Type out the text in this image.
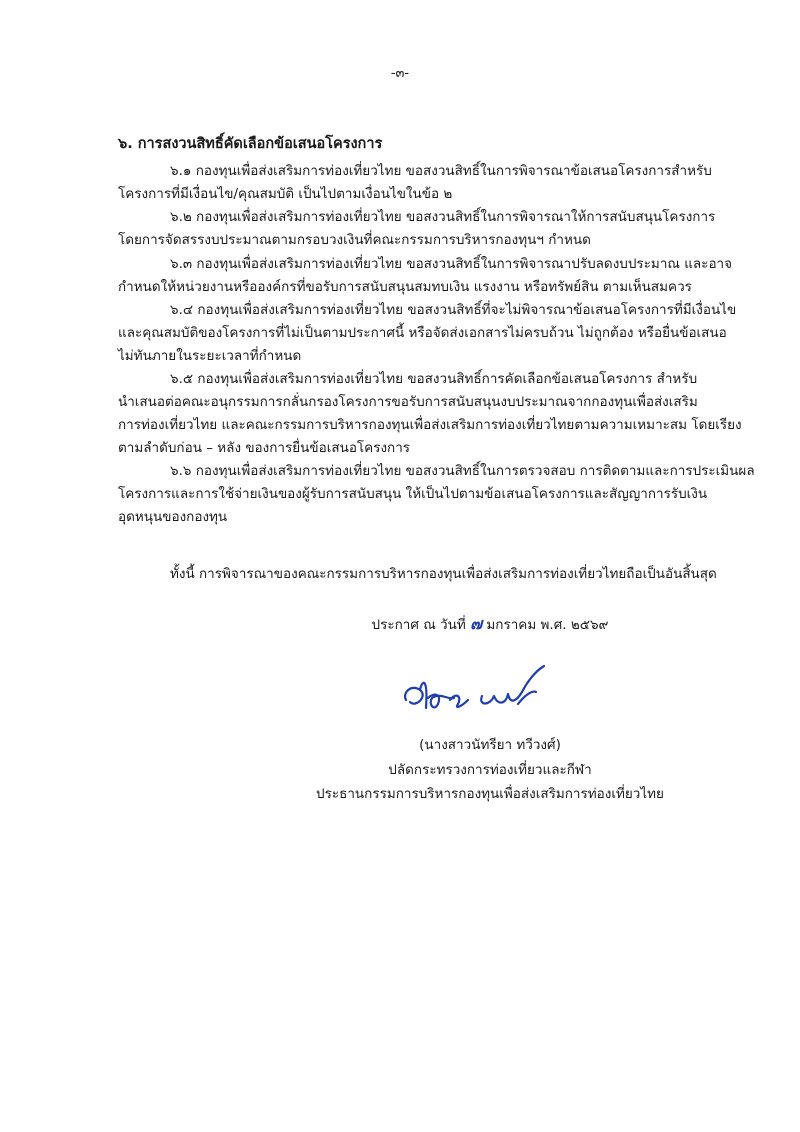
-๓-

๖. การสงวนสิทธิ์คัดเลือกข้อเสนอโครงการ

๖.๑ กองทุนเพื่อส่งเสริมการท่องเที่ยวไทย ขอสงวนสิทธิ์ในการพิจารณาข้อเสนอโครงการสำหรับ

โครงการที่มีเงื่อนไข/คุณสมบัติ เป็นไปตามเงื่อนไขในข้อ ๒

๖.๒ กองทุนเพื่อส่งเสริมการท่องเที่ยวไทย ขอสงวนสิทธิ์ในการพิจารณาให้การสนับสนุนโครงการ

โดยการจัดสรรงบประมาณตามกรอบวงเงินที่คณะกรรมการบริหารกองทุนฯ กำหนด

๖.๓ กองทุนเพื่อส่งเสริมการท่องเที่ยวไทย ขอสงวนสิทธิ์ในการพิจารณาปรับลดงบประมาณ และอาจ

กำหนดให้หน่วยงานหรือองค์กรที่ขอรับการสนับสนุนสมทบเงิน แรงงาน หรือทรัพย์สิน ตามเห็นสมควร

๖.๔ กองทุนเพื่อส่งเสริมการท่องเที่ยวไทย ขอสงวนสิทธิ์ที่จะไม่พิจารณาข้อเสนอโครงการที่มีเงื่อนไข

และคุณสมบัติของโครงการที่ไม่เป็นตามประกาศนี้ หรือจัดส่งเอกสารไม่ครบถ้วน ไม่ถูกต้อง หรือยื่นข้อเสนอ

ไม่ทันภายในระยะเวลาที่กำหนด

๖.๕ กองทุนเพื่อส่งเสริมการท่องเที่ยวไทย ขอสงวนสิทธิ์การคัดเลือกข้อเสนอโครงการ สำหรับ

นำเสนอต่อคณะอนุกรรมการกลั่นกรองโครงการขอรับการสนับสนุนงบประมาณจากกองทุนเพื่อส่งเสริม

การท่องเที่ยวไทย และคณะกรรมการบริหารกองทุนเพื่อส่งเสริมการท่องเที่ยวไทยตามความเหมาะสม โดยเรียง

ตามลำดับก่อน – หลัง ของการยื่นข้อเสนอโครงการ

๖.๖ กองทุนเพื่อส่งเสริมการท่องเที่ยวไทย ขอสงวนสิทธิ์ในการตรวจสอบ การติดตามและการประเมินผล

โครงการและการใช้จ่ายเงินของผู้รับการสนับสนุน ให้เป็นไปตามข้อเสนอโครงการและสัญญาการรับเงิน

อุดหนุนของกองทุน

ทั้งนี้ การพิจารณาของคณะกรรมการบริหารกองทุนเพื่อส่งเสริมการท่องเที่ยวไทยถือเป็นอันสิ้นสุด

ประกาศ ณ วันที่ ๗ มกราคม พ.ศ. ๒๕๖๙
(นางสาวนัทรียา ทวีวงศ์)
ปลัดกระทรวงการท่องเที่ยวและกีฬา
ประธานกรรมการบริหารกองทุนเพื่อส่งเสริมการท่องเที่ยวไทย
